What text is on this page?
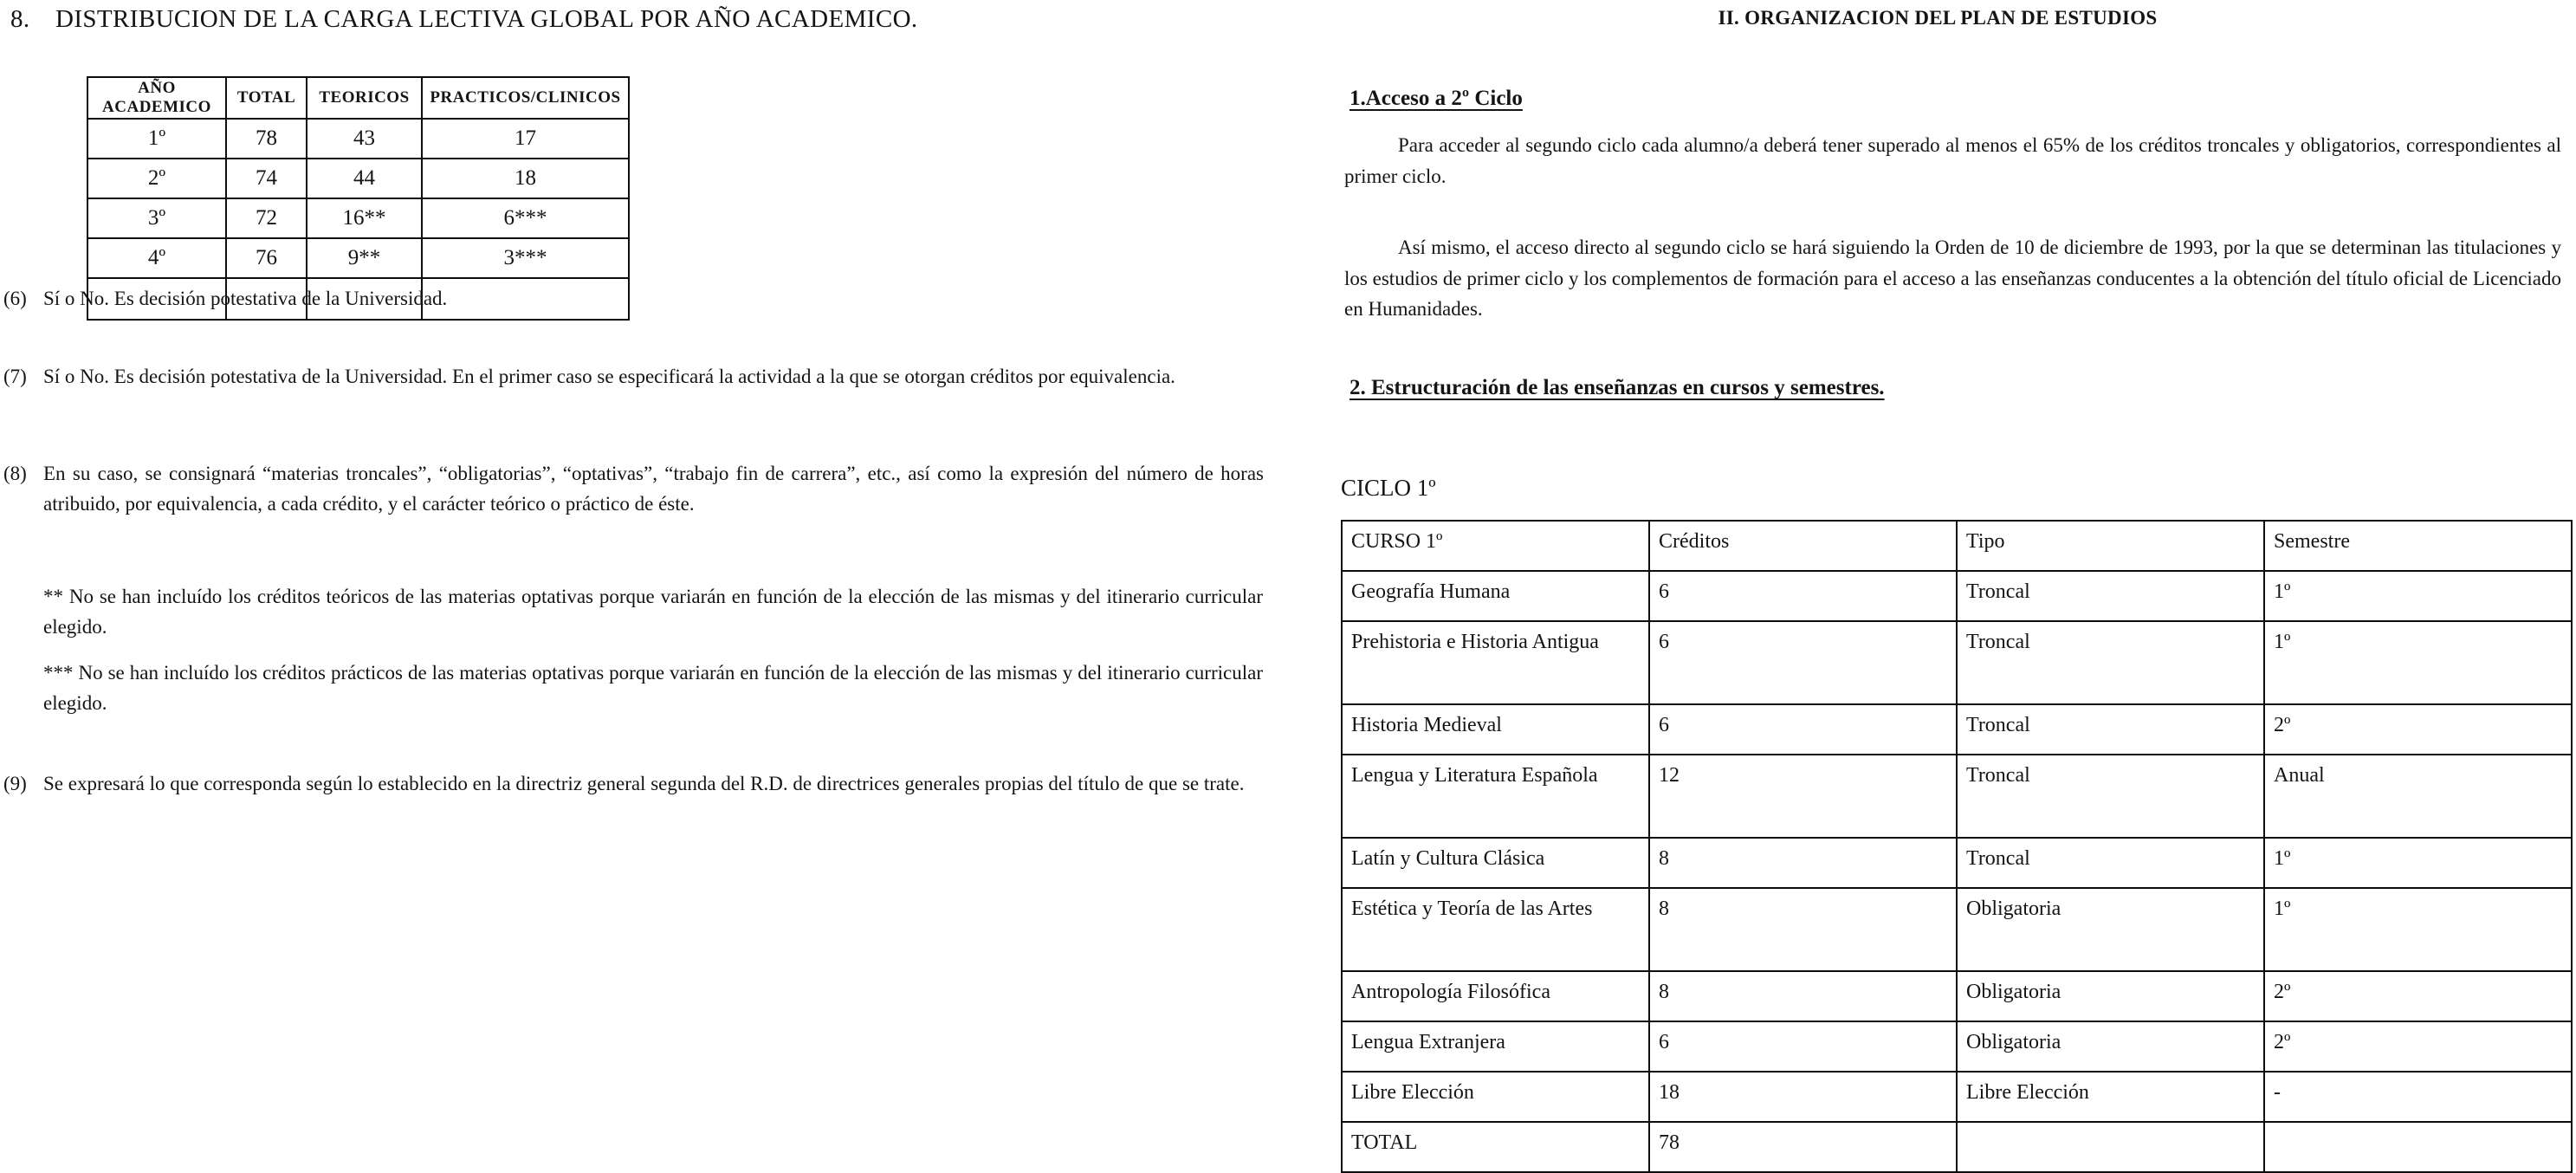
8. DISTRIBUCION DE LA CARGA LECTIVA GLOBAL POR AÑO ACADEMICO.
AÑO ACADEMICO	TOTAL	TEORICOS	PRACTICOS/CLINICOS
1º	78	43	17
2º	74	44	18
3º	72	16**	6***
4º	76	9**	3***

(6) Sí o No. Es decisión potestativa de la Universidad.
(7) Sí o No. Es decisión potestativa de la Universidad. En el primer caso se especificará la actividad a la que se otorgan créditos por equivalencia.
(8) En su caso, se consignará “materias troncales”, “obligatorias”, “optativas”, “trabajo fin de carrera”, etc., así como la expresión del número de horas atribuido, por equivalencia, a cada crédito, y el carácter teórico o práctico de éste.
** No se han incluído los créditos teóricos de las materias optativas porque variarán en función de la elección de las mismas y del itinerario curricular elegido.
*** No se han incluído los créditos prácticos de las materias optativas porque variarán en función de la elección de las mismas y del itinerario curricular elegido.
(9) Se expresará lo que corresponda según lo establecido en la directriz general segunda del R.D. de directrices generales propias del título de que se trate.
II. ORGANIZACION DEL PLAN DE ESTUDIOS
1.Acceso a 2º Ciclo
Para acceder al segundo ciclo cada alumno/a deberá tener superado al menos el 65% de los créditos troncales y obligatorios, correspondientes al primer ciclo.
Así mismo, el acceso directo al segundo ciclo se hará siguiendo la Orden de 10 de diciembre de 1993, por la que se determinan las titulaciones y los estudios de primer ciclo y los complementos de formación para el acceso a las enseñanzas conducentes a la obtención del título oficial de Licenciado en Humanidades.
2. Estructuración de las enseñanzas en cursos y semestres.
CICLO 1º
CURSO 1º	Créditos	Tipo	Semestre
Geografía Humana	6	Troncal	1º
Prehistoria e Historia Antigua	6	Troncal	1º
Historia Medieval	6	Troncal	2º
Lengua y Literatura Española	12	Troncal	Anual
Latín y Cultura Clásica	8	Troncal	1º
Estética y Teoría de las Artes	8	Obligatoria	1º
Antropología Filosófica	8	Obligatoria	2º
Lengua Extranjera	6	Obligatoria	2º
Libre Elección	18	Libre Elección	-
TOTAL	78		
